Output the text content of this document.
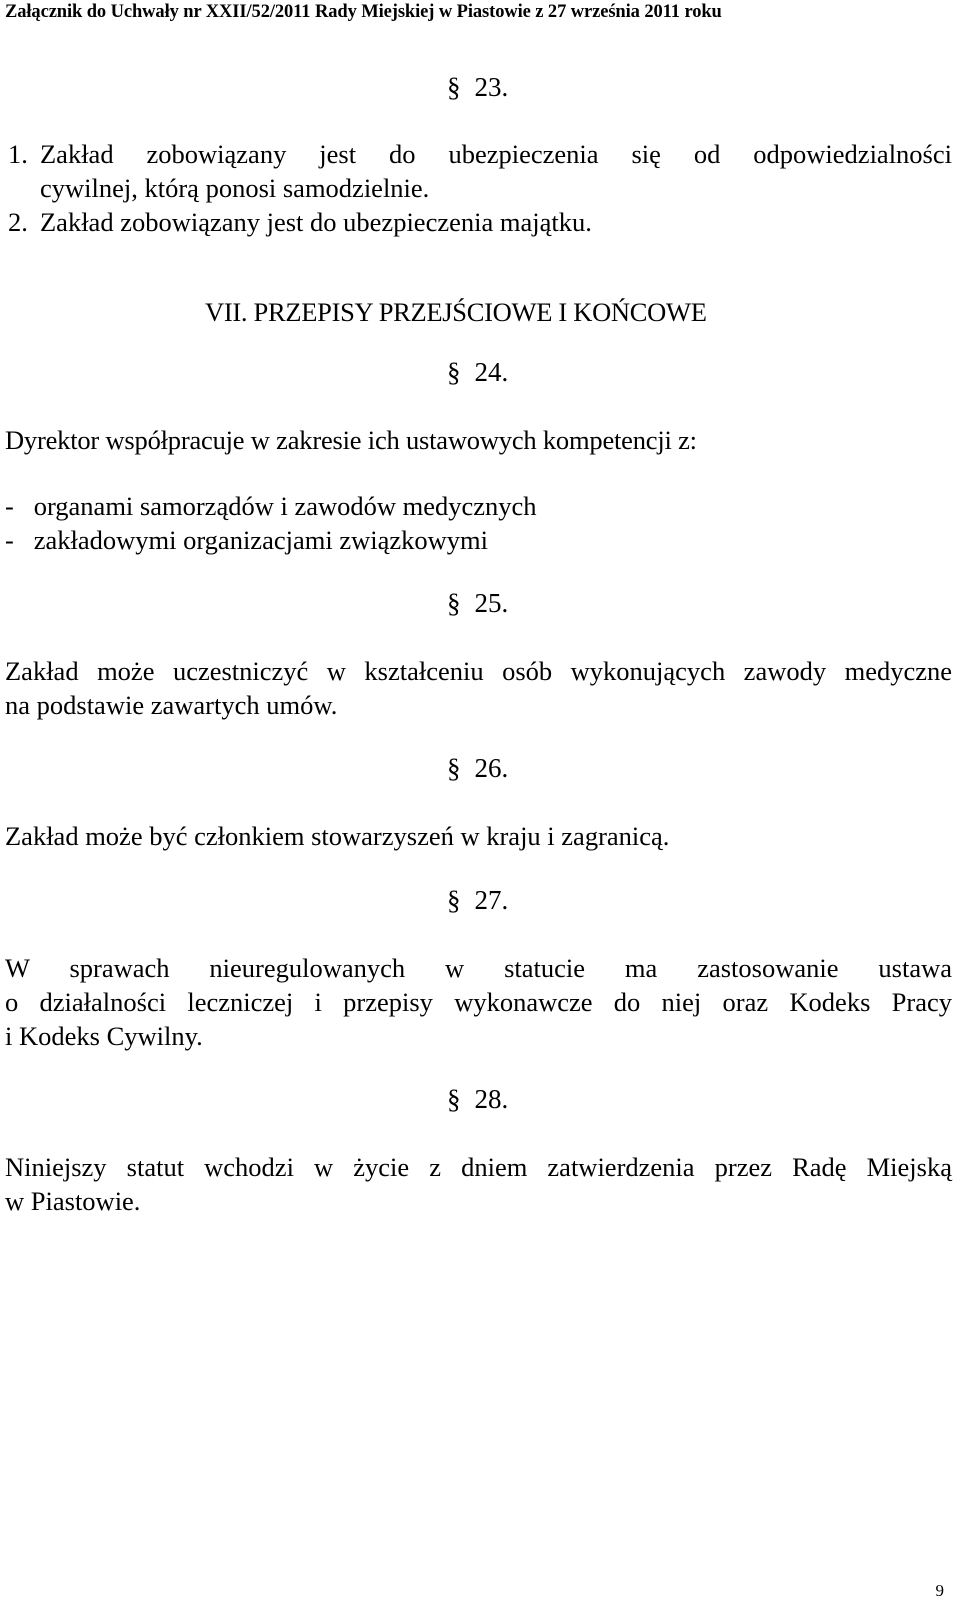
Załącznik do Uchwały nr XXII/52/2011 Rady Miejskiej w Piastowie z 27 września 2011 roku
§ 23.
1. Zakład zobowiązany jest do ubezpieczenia się od odpowiedzialności
cywilnej, którą ponosi samodzielnie.
2. Zakład zobowiązany jest do ubezpieczenia majątku.
VII. PRZEPISY PRZEJŚCIOWE I KOŃCOWE
§ 24.
Dyrektor współpracuje w zakresie ich ustawowych kompetencji z:
-   organami samorządów i zawodów medycznych
-   zakładowymi organizacjami związkowymi
§ 25.
Zakład może uczestniczyć w kształceniu osób wykonujących zawody medyczne
na podstawie zawartych umów.
§ 26.
Zakład może być członkiem stowarzyszeń w kraju i zagranicą.
§ 27.
W sprawach nieuregulowanych w statucie ma zastosowanie ustawa
o działalności leczniczej i przepisy wykonawcze do niej oraz Kodeks Pracy
i Kodeks Cywilny.
§ 28.
Niniejszy statut wchodzi w życie z dniem zatwierdzenia przez Radę Miejską
w Piastowie.
9
